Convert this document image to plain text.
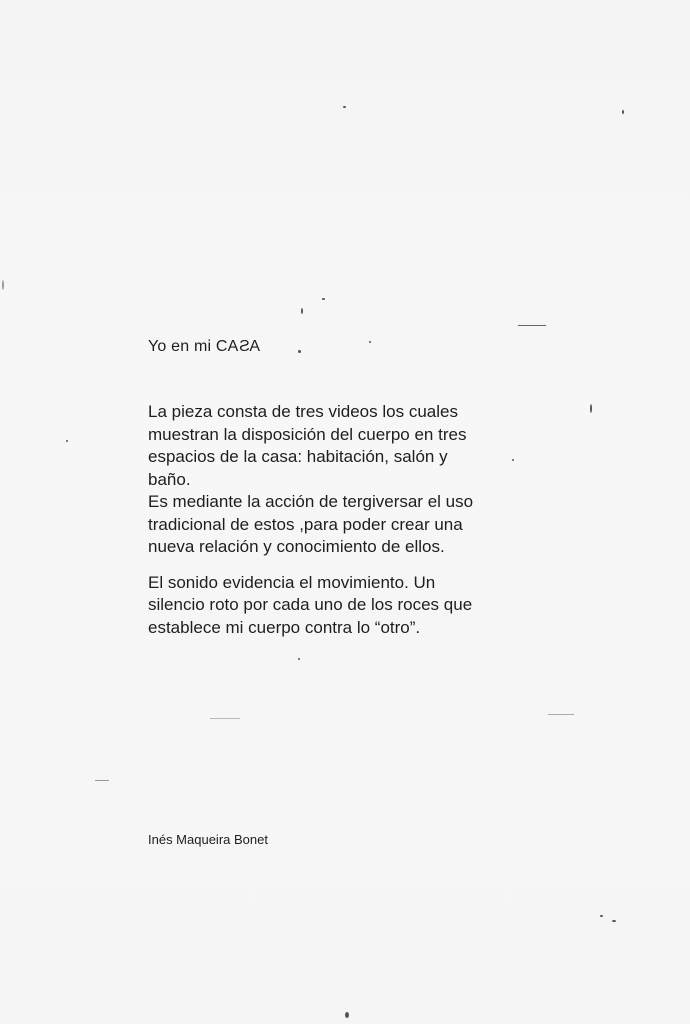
Yo en mi CASA

La pieza consta de tres videos los cuales
muestran la disposición del cuerpo en tres
espacios de la casa: habitación, salón y
baño.

Es mediante la acción de tergiversar el uso
tradicional de estos ,para poder crear una
nueva relación y conocimiento de ellos.

El sonido evidencia el movimiento. Un
silencio roto por cada uno de los roces que
establece mi cuerpo contra lo “otro”.

Inés Maqueira Bonet
